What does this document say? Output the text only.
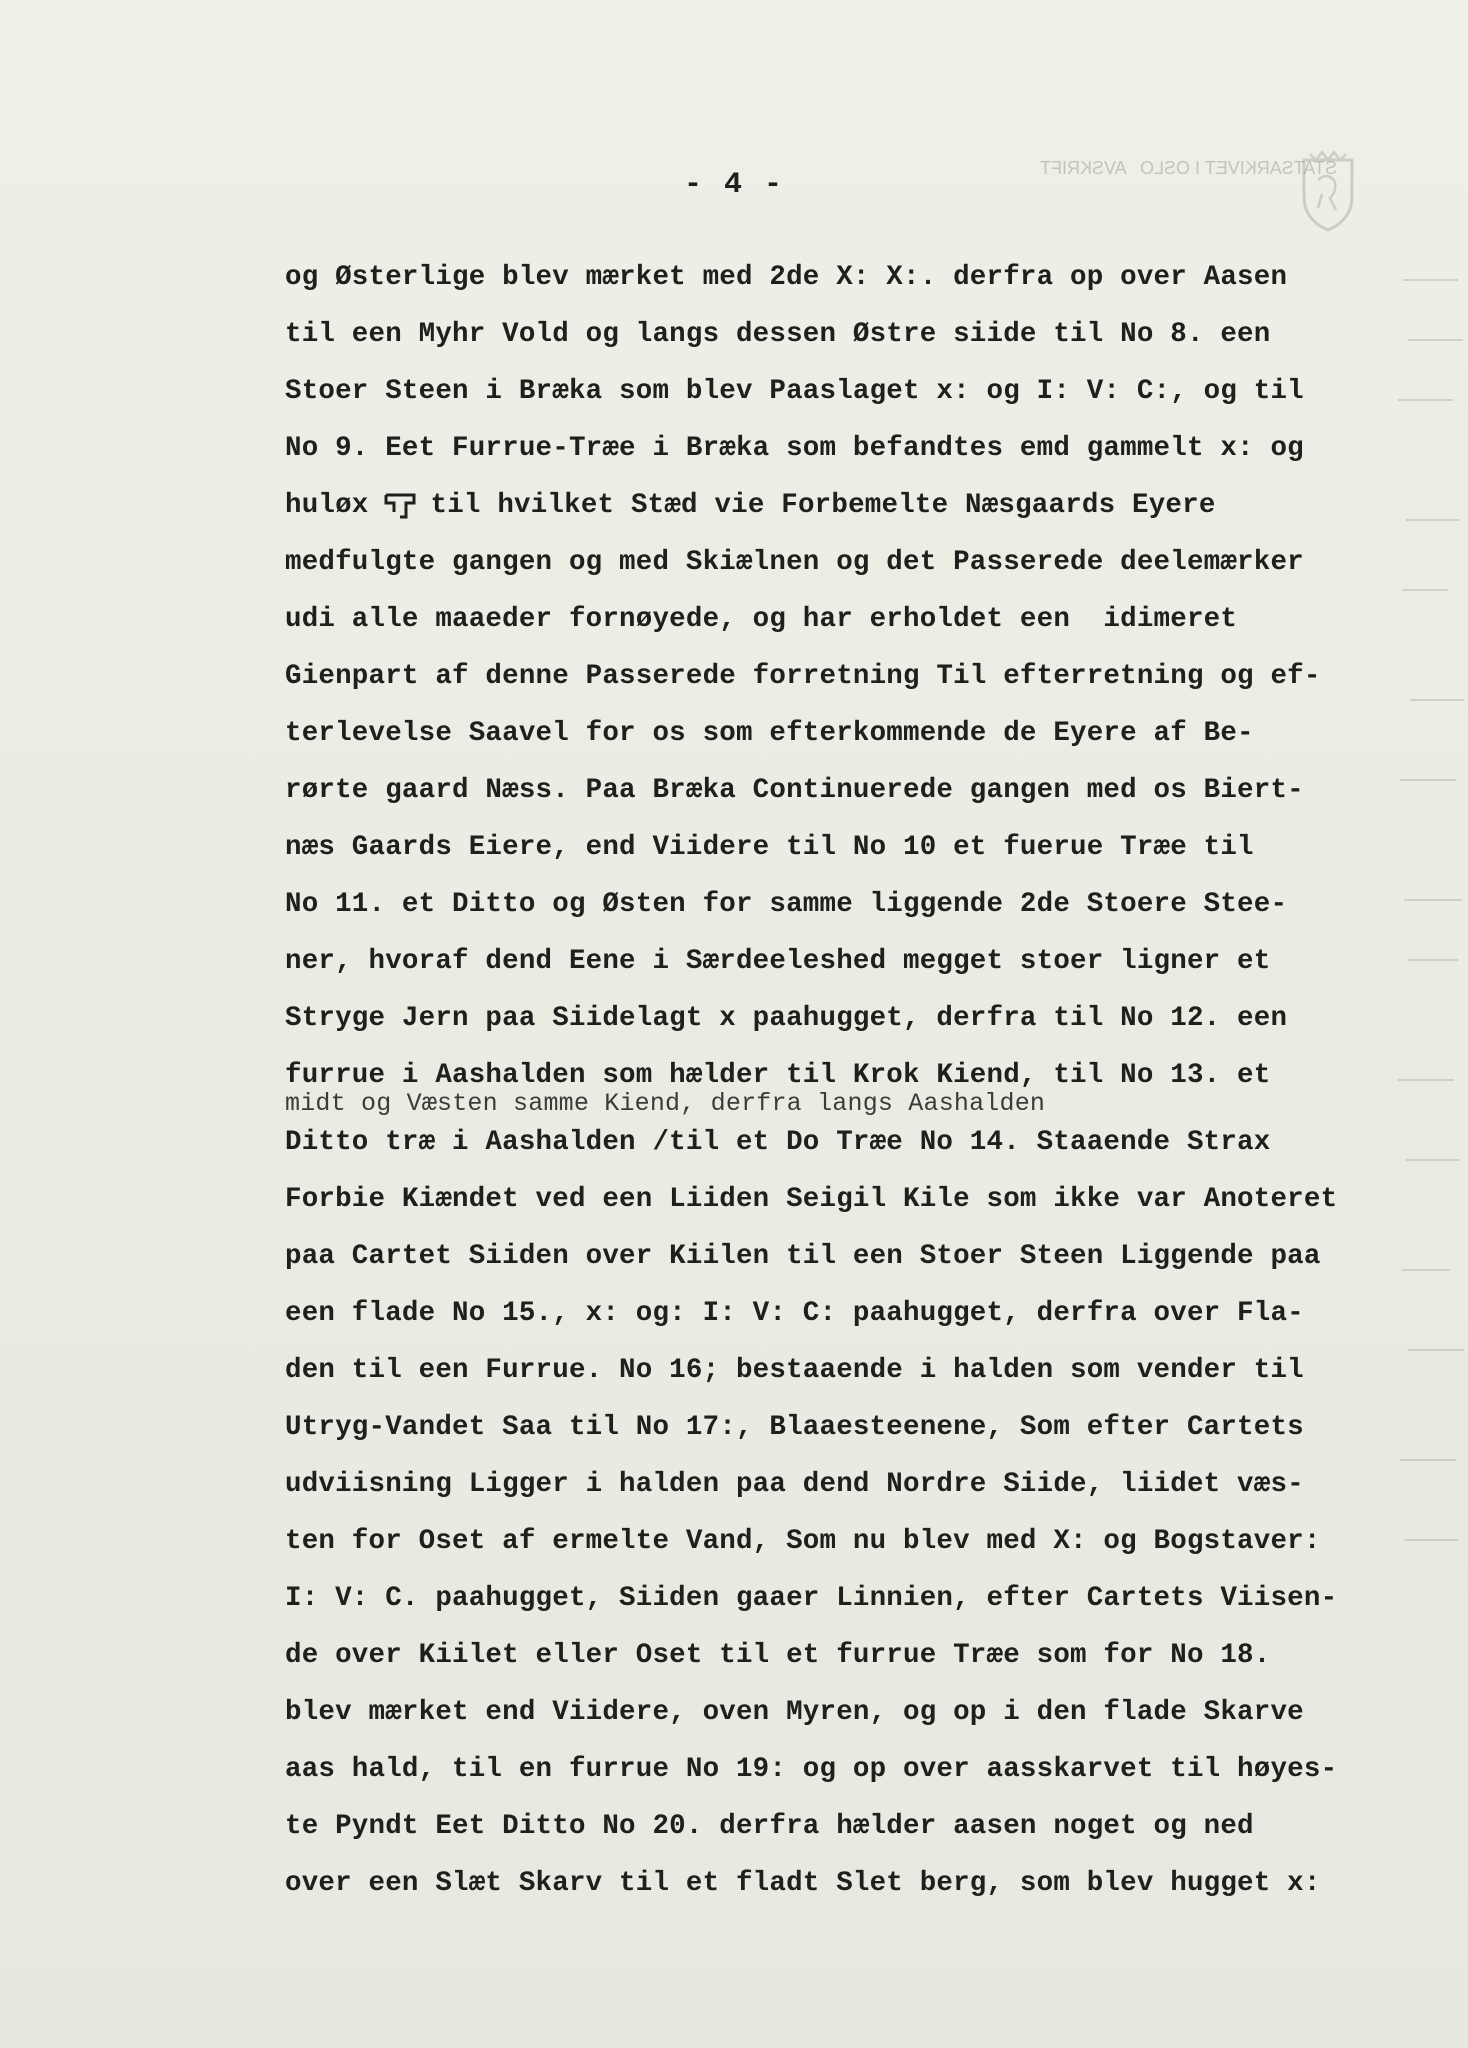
AVSKRIFT STATSARKIVET I OSLO
- 4 -
og Østerlige blev mærket med 2de X: X:. derfra op over Aasen
til een Myhr Vold og langs dessen Østre siide til No 8. een
Stoer Steen i Bræka som blev Paaslaget x: og I: V: C:, og til
No 9. Eet Furrue-Træe i Bræka som befandtes emd gammelt x: og
huløx til hvilket Stæd vie Forbemelte Næsgaards Eyere
medfulgte gangen og med Skiælnen og det Passerede deelemærker
udi alle maaeder fornøyede, og har erholdet een  idimeret
Gienpart af denne Passerede forretning Til efterretning og ef-
terlevelse Saavel for os som efterkommende de Eyere af Be-
rørte gaard Næss. Paa Bræka Continuerede gangen med os Biert-
næs Gaards Eiere, end Viidere til No 10 et fuerue Træe til
No 11. et Ditto og Østen for samme liggende 2de Stoere Stee-
ner, hvoraf dend Eene i Særdeeleshed megget stoer ligner et
Stryge Jern paa Siidelagt x paahugget, derfra til No 12. een
furrue i Aashalden som hælder til Krok Kiend, til No 13. et
midt og Væsten samme Kiend, derfra langs Aashalden
Ditto træ i Aashalden /til et Do Træe No 14. Staaende Strax
Forbie Kiændet ved een Liiden Seigil Kile som ikke var Anoteret
paa Cartet Siiden over Kiilen til een Stoer Steen Liggende paa
een flade No 15., x: og: I: V: C: paahugget, derfra over Fla-
den til een Furrue. No 16; bestaaende i halden som vender til
Utryg-Vandet Saa til No 17:, Blaaesteenene, Som efter Cartets
udviisning Ligger i halden paa dend Nordre Siide, liidet væs-
ten for Oset af ermelte Vand, Som nu blev med X: og Bogstaver:
I: V: C. paahugget, Siiden gaaer Linnien, efter Cartets Viisen-
de over Kiilet eller Oset til et furrue Træe som for No 18.
blev mærket end Viidere, oven Myren, og op i den flade Skarve
aas hald, til en furrue No 19: og op over aasskarvet til høyes-
te Pyndt Eet Ditto No 20. derfra hælder aasen noget og ned
over een Slæt Skarv til et fladt Slet berg, som blev hugget x:
